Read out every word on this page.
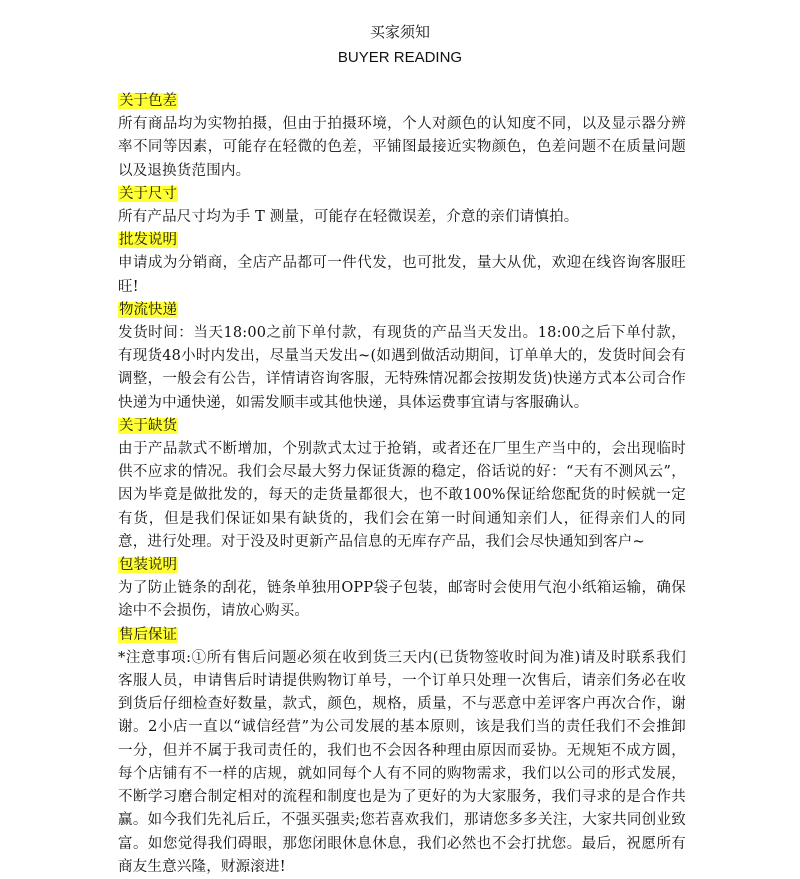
买家须知
BUYER READING
关于色差
所有商品均为实物拍摄，但由于拍摄环境，个人对颜色的认知度不同，以及显示器分辨率不同等因素，可能存在轻微的色差，平铺图最接近实物颜色，色差问题不在质量问题以及退换货范围内。
关于尺寸
所有产品尺寸均为手 T 测量，可能存在轻微误差，介意的亲们请慎拍。
批发说明
申请成为分销商，全店产品都可一件代发，也可批发，量大从优，欢迎在线咨询客服旺旺!
物流快递
发货时间：当天18:00之前下单付款，有现货的产品当天发出。18:00之后下单付款，有现货48小时内发出，尽量当天发出~(如遇到做活动期间，订单单大的，发货时间会有调整，一般会有公告，详情请咨询客服，无特殊情况都会按期发货)快递方式本公司合作快递为中通快递，如需发顺丰或其他快递，具体运费事宜请与客服确认。
关于缺货
由于产品款式不断增加，个别款式太过于抢销，或者还在厂里生产当中的，会出现临时供不应求的情况。我们会尽最大努力保证货源的稳定，俗话说的好：“天有不测风云”，因为毕竟是做批发的，每天的走货量都很大，也不敢100%保证给您配货的时候就一定有货，但是我们保证如果有缺货的，我们会在第一时间通知亲们人，征得亲们人的同意，进行处理。对于没及时更新产品信息的无库存产品，我们会尽快通知到客户~
包装说明
为了防止链条的刮花，链条单独用OPP袋子包装，邮寄时会使用气泡小纸箱运输，确保途中不会损伤，请放心购买。
售后保证
*注意事项:①所有售后问题必须在收到货三天内(已货物签收时间为准)请及时联系我们客服人员，申请售后时请提供购物订单号，一个订单只处理一次售后，请亲们务必在收到货后仔细检查好数量，款式，颜色，规格，质量，不与恶意中差评客户再次合作，谢谢。2小店一直以“诚信经营”为公司发展的基本原则，该是我们当的责任我们不会推卸一分，但并不属于我司责任的，我们也不会因各种理由原因而妥协。无规矩不成方圆，每个店铺有不一样的店规，就如同每个人有不同的购物需求，我们以公司的形式发展，不断学习磨合制定相对的流程和制度也是为了更好的为大家服务，我们寻求的是合作共赢。如今我们先礼后丘，不强买强卖;您若喜欢我们，那请您多多关注，大家共同创业致富。如您觉得我们碍眼，那您闭眼休息休息，我们必然也不会打扰您。最后，祝愿所有商友生意兴隆，财源滚进!
